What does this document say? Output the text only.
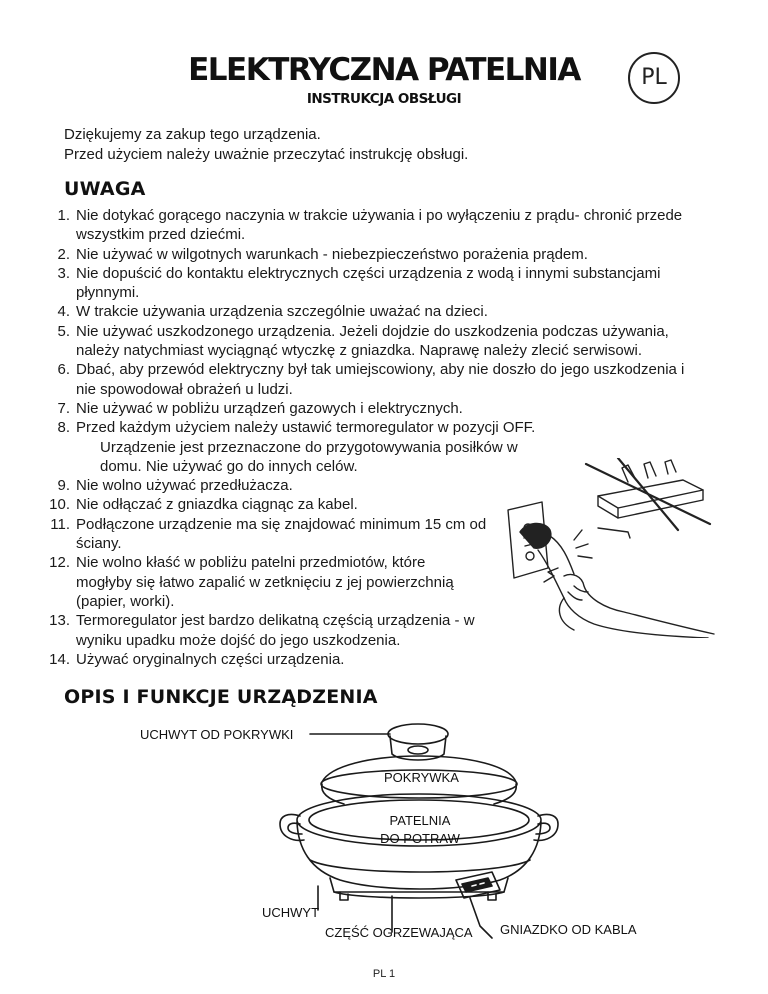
ELEKTRYCZNA PATELNIA
INSTRUKCJA OBSŁUGI
PL
Dziękujemy za zakup tego urządzenia.
Przed użyciem należy uważnie przeczytać instrukcję obsługi.
UWAGA
1. Nie dotykać gorącego naczynia w trakcie używania i po wyłączeniu z prądu- chronić przede wszystkim przed dziećmi.
2. Nie używać w wilgotnych warunkach - niebezpieczeństwo porażenia prądem.
3. Nie dopuścić do kontaktu elektrycznych części urządzenia z wodą i innymi substancjami płynnymi.
4. W trakcie używania urządzenia szczególnie uważać na dzieci.
5. Nie używać uszkodzonego urządzenia. Jeżeli dojdzie do uszkodzenia podczas używania, należy natychmiast wyciągnąć wtyczkę z gniazdka. Naprawę należy zlecić serwisowi.
6. Dbać, aby przewód elektryczny był tak umiejscowiony, aby nie doszło do jego uszkodzenia i nie spowodował obrażeń u ludzi.
7. Nie używać w pobliżu urządzeń gazowych i elektrycznych.
8. Przed każdym użyciem należy ustawić termoregulator w pozycji OFF.
Urządzenie jest przeznaczone do przygotowywania posiłków w domu. Nie używać go do innych celów.
9. Nie wolno używać przedłużacza.
10. Nie odłączać z gniazdka ciągnąc za kabel.
11. Podłączone urządzenie ma się znajdować minimum 15 cm od ściany.
12. Nie wolno kłaść w pobliżu patelni przedmiotów, które mogłyby się łatwo zapalić w zetknięciu z jej powierzchnią (papier, worki).
13. Termoregulator jest bardzo delikatną częścią urządzenia - w wyniku upadku może dojść do jego uszkodzenia.
14. Używać oryginalnych części urządzenia.
OPIS I FUNKCJE URZĄDZENIA
UCHWYT OD POKRYWKI
POKRYWKA
PATELNIA
DO POTRAW
UCHWYT
CZĘŚĆ OGRZEWAJĄCA GNIAZDKO OD KABLA
PL 1
